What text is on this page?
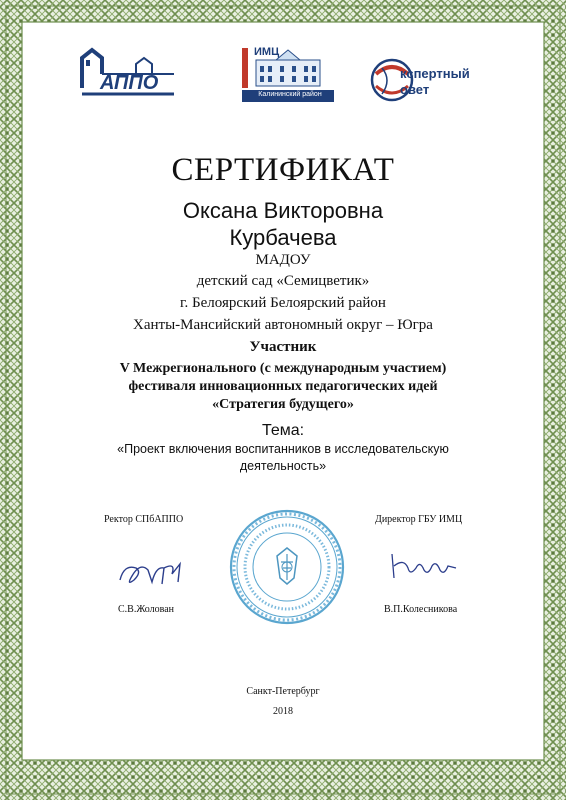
АППО
ИМЦ
Калининский район
кспертный
овет
СЕРТИФИКАТ
Оксана Викторовна
Курбачева
МАДОУ
детский сад «Семицветик»
г. Белоярский Белоярский район
Ханты-Мансийский автономный округ – Югра
Участник
V Межрегионального (с международным участием)
фестиваля инновационных педагогических идей
«Стратегия будущего»
Тема:
«Проект включения воспитанников в исследовательскую
деятельность»
Ректор СПбАППО	Директор ГБУ ИМЦ
С.В.Жолован	В.П.Колесникова
Санкт-Петербург
2018
